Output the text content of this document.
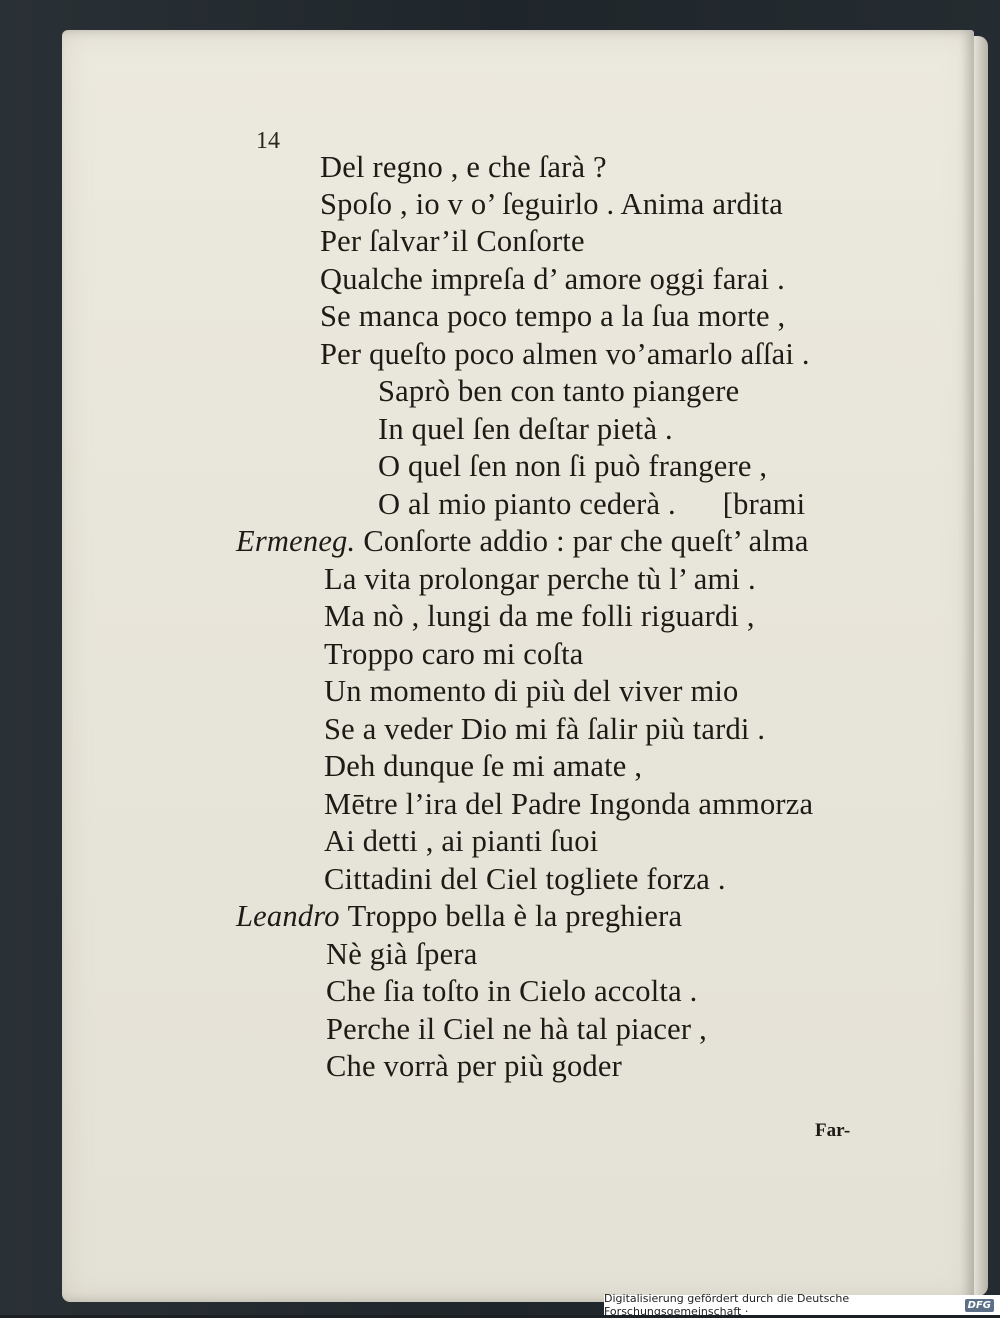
14
Del regno , e che ſarà ?
Spoſo , io v o’ ſeguirlo . Anima ardita
Per ſalvar’il Conſorte
Qualche impreſa d’ amore oggi farai .
Se manca poco tempo a la ſua morte ,
Per queſto poco almen vo’amarlo aſſai .
Saprò ben con tanto piangere
In quel ſen deſtar pietà .
O quel ſen non ſi può frangere ,
O al mio pianto cederà .      [brami
Ermeneg. Conſorte addio : par che queſt’ alma
La vita prolongar perche tù l’ ami .
Ma nò , lungi da me folli riguardi ,
Troppo caro mi coſta
Un momento di più del viver mio
Se a veder Dio mi fà ſalir più tardi .
Deh dunque ſe mi amate ,
Mētre l’ira del Padre Ingonda ammorza
Ai detti , ai pianti ſuoi
Cittadini del Ciel togliete forza .
Leandro Troppo bella è la preghiera
Nè già ſpera
Che ſia toſto in Cielo accolta .
Perche il Ciel ne hà tal piacer ,
Che vorrà per più goder
Far-
Digitalisierung gefördert durch die Deutsche Forschungsgemeinschaft ·	DFG
